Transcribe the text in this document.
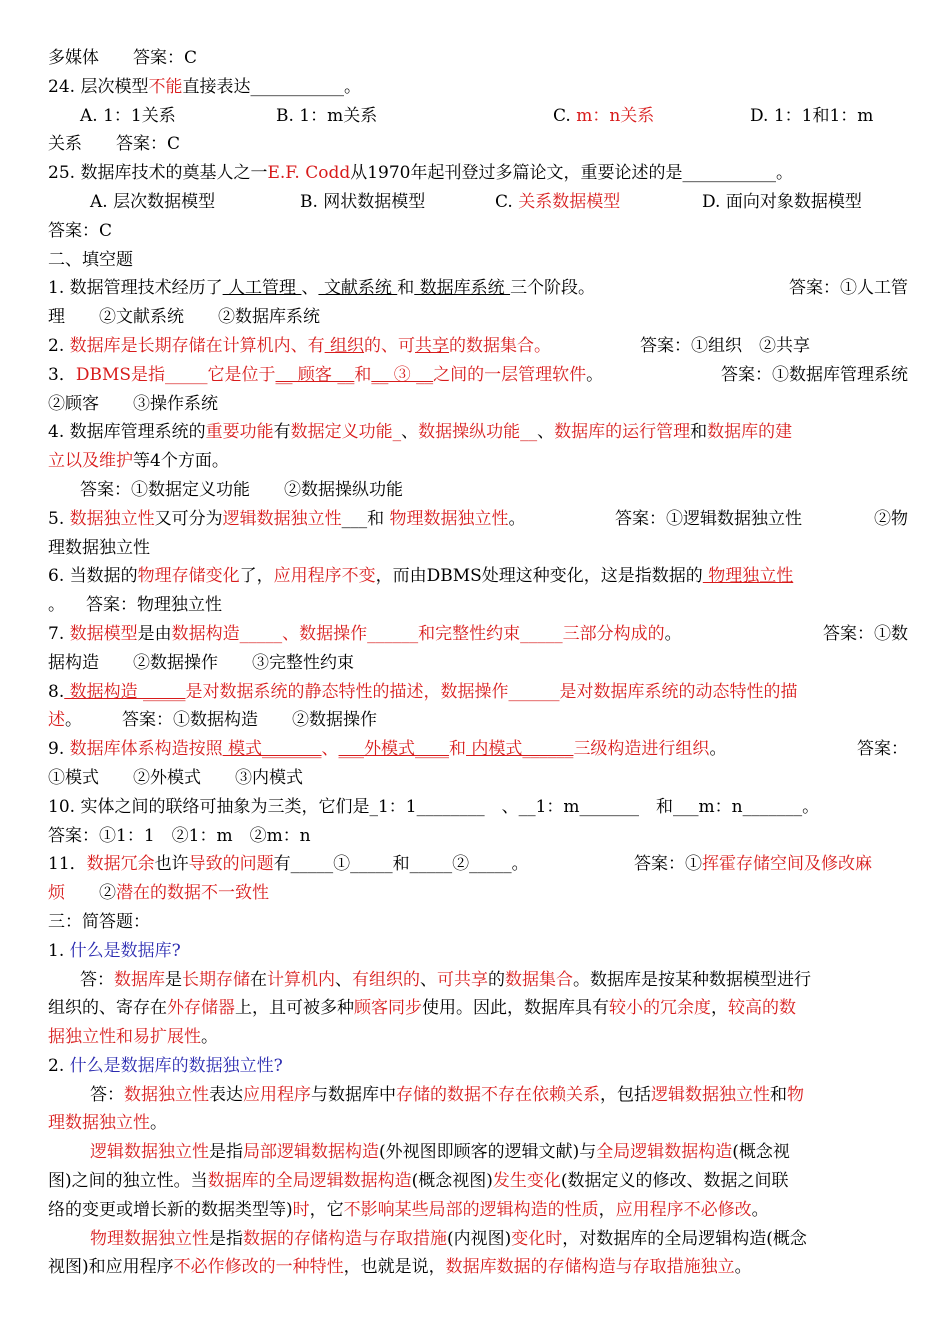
多媒体　　答案：C
24. 层次模型不能直接表达___________。
A. 1：1关系	B. 1：m关系	C. m：n关系	D. 1：1和1：m
关系　　答案：C
25. 数据库技术的奠基人之一E.F. Codd从1970年起刊登过多篇论文，重要论述的是___________。
A. 层次数据模型	B. 网状数据模型	C. 关系数据模型	D. 面向对象数据模型
答案：C
二、填空题
1. 数据管理技术经历了 人工管理 、 文献系统 和 数据库系统 三个阶段。	答案：①人工管
理　　②文献系统　　②数据库系统
2. 数据库是长期存储在计算机内、有 组织的、可共享的数据集合。	答案：①组织　②共享
3．DBMS是指_____它是位于__ 顾客 __和__ ③ __之间的一层管理软件。	答案：①数据库管理系统
②顾客　　③操作系统
4. 数据库管理系统的重要功能有数据定义功能_、数据操纵功能__、数据库的运行管理和数据库的建
立以及维护等4个方面。
答案：①数据定义功能　　②数据操纵功能
5. 数据独立性又可分为逻辑数据独立性___和 物理数据独立性。	答案：①逻辑数据独立性	②物
理数据独立性
6. 当数据的物理存储变化了，应用程序不变，而由DBMS处理这种变化，这是指数据的 物理独立性
。 答案：物理独立性
7. 数据模型是由数据构造_____、数据操作______和完整性约束_____三部分构成的。	答案：①数
据构造　　②数据操作　　③完整性约束
8. 数据构造 _____是对数据系统的静态特性的描述，数据操作______是对数据库系统的动态特性的描
述。 答案：①数据构造　　②数据操作
9. 数据库体系构造按照 模式_______、___外模式____和 内模式______三级构造进行组织。	答案：
①模式　　②外模式　　③内模式
10. 实体之间的联络可抽象为三类，它们是_1：1________　、__1：m_______　和___m：n_______。
答案：①1：1　②1：m　②m：n
11．数据冗余也许导致的问题有_____①_____和_____②_____。	答案：①挥霍存储空间及修改麻
烦　　②潜在的数据不一致性
三：简答题：
1. 什么是数据库?
答：数据库是长期存储在计算机内、有组织的、可共享的数据集合。数据库是按某种数据模型进行
组织的、寄存在外存储器上，且可被多种顾客同步使用。因此，数据库具有较小的冗余度，较高的数
据独立性和易扩展性。
2. 什么是数据库的数据独立性?
答：数据独立性表达应用程序与数据库中存储的数据不存在依赖关系，包括逻辑数据独立性和物
理数据独立性。
逻辑数据独立性是指局部逻辑数据构造(外视图即顾客的逻辑文献)与全局逻辑数据构造(概念视
图)之间的独立性。当数据库的全局逻辑数据构造(概念视图)发生变化(数据定义的修改、数据之间联
络的变更或增长新的数据类型等)时，它不影响某些局部的逻辑构造的性质，应用程序不必修改。
物理数据独立性是指数据的存储构造与存取措施(内视图)变化时，对数据库的全局逻辑构造(概念
视图)和应用程序不必作修改的一种特性，也就是说，数据库数据的存储构造与存取措施独立。
